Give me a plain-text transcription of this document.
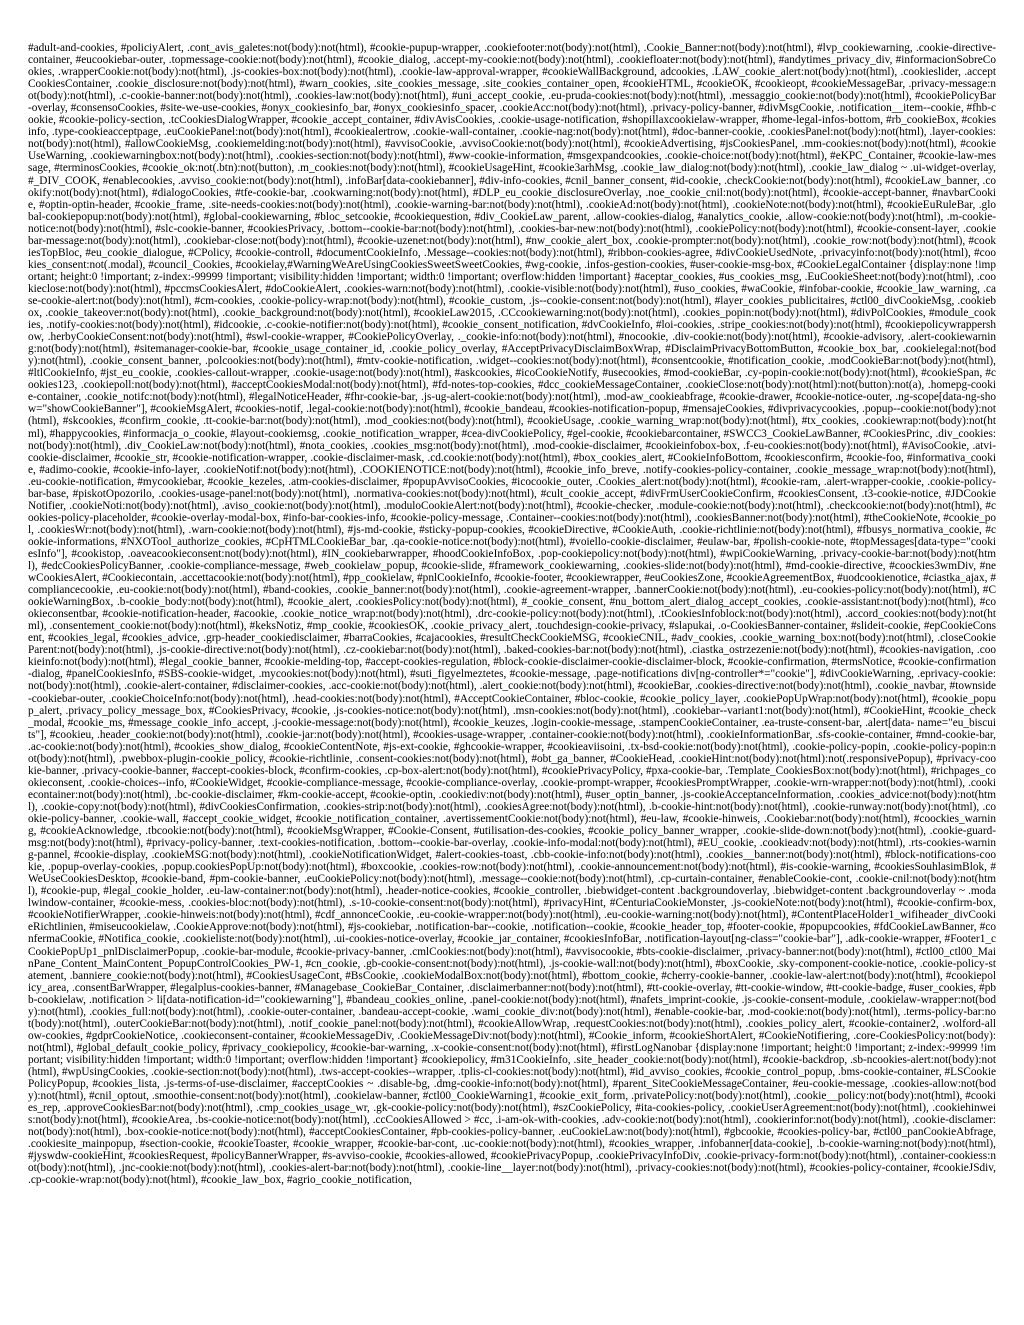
#adult-and-cookies, #policiyAlert, .cont_avis_galetes:not(body):not(html), #cookie-pupup-wrapper, .cookiefooter:not(body):not(html), .Cookie_Banner:not(body):not(html), #lvp_cookiewarning, .cookie-directive-container, #eucookiebar-outer, .topmessage-cookie:not(body):not(html), #cookie_dialog, .accept-my-cookie:not(body):not(html), .cookiefloater:not(body):not(html), #andytimes_privacy_div, #informacionSobreCookies, .wrapperCookie:not(body):not(html), .js-cookies-box:not(body):not(html), .cookie-law-approval-wrapper, #cookieWallBackground, adcookies, .LAW_cookie_alert:not(body):not(html), .cookieslider, .acceptCookiesContainer, .cookie_disclosure:not(body):not(html), #warn_cookies, .site_cookies_message, .site_cookies_container_open, #cookieHTML, #cookieOK, #cookieopt, #cookieMessageBar, .privacy-message:not(body):not(html), .c-cookie-banner:not(body):not(html), .cookies-law:not(body):not(html), #uni_accept_cookie, .eu-pruda-cookies:not(body):not(html), .messaggio_cookie:not(body):not(html), #cookiePolicyBar-overlay, #consensoCookies, #site-we-use-cookies, #onyx_cookiesinfo_bar, #onyx_cookiesinfo_spacer, .cookieAcc:not(body):not(html), .privacy-policy-banner, #divMsgCookie, .notification__item--cookie, #fhb-cookie, #cookie-policy-section, .tcCookiesDialogWrapper, #cookie_accept_container, #divAvisCookies, .cookie-usage-notification, #shopillaxcookielaw-wrapper, #home-legal-infos-bottom, #rb_cookieBox, #cokiesinfo, .type-cookieacceptpage, .euCookiePanel:not(body):not(html), #cookiealertrow, .cookie-wall-container, .cookie-nag:not(body):not(html), #doc-banner-cookie, .cookiesPanel:not(body):not(html), .layer-cookies:not(body):not(html), #allowCookieMsg, .cookiemelding:not(body):not(html), #avvisoCookie, .avvisoCookie:not(body):not(html), #cookieAdvertising, #jsCookiesPanel, .mm-cookies:not(body):not(html), #cookieUseWarning, .cookiewarningbox:not(body):not(html), .cookies-section:not(body):not(html), #ww-cookie-information, #msgexpandcookies, .cookie-choice:not(body):not(html), #eKPC_Container, #cookie-law-message, #terminosCookies, #cookie_ok:not(.btn):not(button), .m_cookies:not(body):not(html), #cookieUsageHint, #cookie3arhMsg, .cookie_law_dialog:not(body):not(html), .cookie_law_dialog ~ .ui-widget-overlay, #_DIV_COOK, #enablecookies, .avviso_cookie:not(body):not(html), .infoBar[data-cookiebanner], #div-info-cookies, #cnil_banner_consent, #id-cookie, .checkCookie:not(body):not(html), #cookieLaw_banner, .cookify:not(body):not(html), #dialogoCookies, #tfe-cookie-bar, .cookwarning:not(body):not(html), #DLP_eu_cookie_disclosureOverlay, .noe_cookie_cnil:not(body):not(html), #cookie-accept-banner, #navbarCookie, #optin-optin-header, #cookie_frame, .site-needs-cookies:not(body):not(html), .cookie-warning-bar:not(body):not(html), .cookieAd:not(body):not(html), .cookieNote:not(body):not(html), #cookieEuRuleBar, .global-cookiepopup:not(body):not(html), #global-cookiewarning, #bloc_setcookie, #cookiequestion, #div_CookieLaw_parent, .allow-cookies-dialog, #analytics_cookie, .allow-cookie:not(body):not(html), .m-cookie-notice:not(body):not(html), #slc-cookie-banner, #cookiesPrivacy, .bottom--cookie-bar:not(body):not(html), .cookies-bar-new:not(body):not(html), .cookiePolicy:not(body):not(html), #cookie-consent-layer, .cookiebar-message:not(body):not(html), .cookiebar-close:not(body):not(html), #cookie-uzenet:not(body):not(html), #nw_cookie_alert_box, .cookie-prompter:not(body):not(html), .cookie_row:not(body):not(html), #cookiesTopBloc, #eu_cookie_dialogue, #CPolicy, #cookie-controll, #documentCookieInfo, .Message--cookies:not(body):not(html), #ribbon-cookies-agree, #divCookieUsedNote, .privacyinfo:not(body):not(html), #cookies_consent:not(.modal), #council_Cookies, #cookielay,#WarningWeAreUsingCookiesSweetSweetCookies, #wg-cookie, .infos-gestion-cookies, #user-cookie-msg-box, #CookieLegalContainer {display:none !important; height:0 !important; z-index:-99999 !important; visibility:hidden !important; width:0 !important; overflow:hidden !important} #aceptar_cookies, #us_cookies_msg, .EuCookieSheet:not(body):not(html), .cookieclose:not(body):not(html), #pccmsCookiesAlert, #doCookieAlert, .cookies-warn:not(body):not(html), .cookie-visible:not(body):not(html), #uso_cookies, #waCookie, #infobar-cookie, #cookie_law_warning, .case-cookie-alert:not(body):not(html), #cm-cookies, .cookie-policy-wrap:not(body):not(html), #cookie_custom, .js--cookie-consent:not(body):not(html), #layer_cookies_publicitaires, #ctl00_divCookieMsg, .cookiebox, .cookie_takeover:not(body):not(html), .cookie_background:not(body):not(html), #cookieLaw2015, .CCcookiewarning:not(body):not(html), .cookies_popin:not(body):not(html), #divPolCookies, #module_cookies, .notify-cookies:not(body):not(html), #idcookie, .c-cookie-notifier:not(body):not(html), #cookie_consent_notification, #dvCookieInfo, #loi-cookies, .stripe_cookies:not(body):not(html), #cookiepolicywrappershow, .herbyCookieConsent:not(body):not(html), #swl-cookie-wrapper, #CookiePolicyOverlay, ._cookie-info:not(body):not(html), #nocookie, .div-cookie:not(body):not(html), #cookie-advisory, .alert-cookiewarning:not(body):not(html), #sitemanager-cookie-bar, #cookie_usage_container_id, .cookie_policy_overlay, #AcceptPrivacyDisclaimBoxWrap, #DisclaimPrivacyBottomButton, #cookie_box_bar, .cookielegal:not(body):not(html), .cookie_consent_banner, .polcookies:not(body):not(html), #mtv-cookie-notification, .widget--cookies:not(body):not(html), #consentcookie, #notification_cookie, .modCookieBar:not(body):not(html), #ltlCookieInfo, #jst_eu_cookie, .cookies-callout-wrapper, .cookie-usage:not(body):not(html), #askcookies, #icoCookieNotify, #usecookies, #mod-cookieBar, .cy-popin-cookie:not(body):not(html), #cookieSpan, #cookies123, .cookiepoll:not(body):not(html), #acceptCookiesModal:not(body):not(html), #fd-notes-top-cookies, #dcc_cookieMessageContainer, .cookieClose:not(body):not(html):not(button):not(a), .homepg-cookie-container, .cookie_notifc:not(body):not(html), #legalNoticeHeader, #fhr-cookie-bar, .js-ug-alert-cookie:not(body):not(html), .mod-aw_cookieabfrage, #cookie-drawer, #cookie-notice-outer, .ng-scope[data-ng-show="showCookieBanner"], #cookieMsgAlert, #cookies-notif, .legal-cookie:not(body):not(html), #cookie_bandeau, #cookies-notification-popup, #mensajeCookies, #divprivacycookies, .popup--cookie:not(body):not(html), #skcookies, #confirm_cookie, .tt-cookie-bar:not(body):not(html), .mod_cookies:not(body):not(html), #cookieUsage, .cookie_warning_wrap:not(body):not(html), #tx_cookies, .cookiewrap:not(body):not(html), #happycookies, #informacja_o_cookie, #layout-cookiemsg, .cookie_notification_wrapper, #cea-divCookiePolicy, #gel-cookie, #cookiebarcontainer, #SWCC3_CookieLawBanner, #CookiesPrinc, .div_cookies:not(body):not(html), .div_CookieLaw:not(body):not(html), #nota_cookies, .cookies_msg:not(body):not(html), .mod-cookie-disclaimer, #cookieinfobox-box, .f-eu-cookies:not(body):not(html), #AvisoCookie, .atvi-cookie-disclaimer, #cookie_str, #cookie-notification-wrapper, .cookie-disclaimer-mask, .cd.cookie:not(body):not(html), #box_cookies_alert, #CookieInfoBottom, #cookiesconfirm, #cookie-foo, #informativa_cookie, #adimo-cookie, #cookie-info-layer, .cookieNotif:not(body):not(html), .COOKIENOTICE:not(body):not(html), #cookie_info_breve, .notify-cookies-policy-container, .cookie_message_wrap:not(body):not(html), .eu-cookie-notification, #mycookiebar, #cookie_kezeles, .atm-cookies-disclaimer, #popupAvvisoCookies, #icocookie_outer, .Cookies_alert:not(body):not(html), #cookie-ram, .alert-wrapper-cookie, .cookie-policy-bar-base, #piskotOpozorilo, .cookies-usage-panel:not(body):not(html), .normativa-cookies:not(body):not(html), #cult_cookie_accept, #divFrmUserCookieConfirm, #cookiesConsent, .t3-cookie-notice, #JDCookieNotifier, .cookieNoti:not(body):not(html), .aviso_cookie:not(body):not(html), .moduloCookieAlert:not(body):not(html), #cookie-checker, .module-cookie:not(body):not(html), .checkcookie:not(body):not(html), #cookies-policy-placeholder, #cookie-overlay-modal-box, #info-bar-cookies-info, #cookie-policy-message, .Container--cookies:not(body):not(html), .cookiesBanner:not(body):not(html), #theCookieNote, #cookie_pol, .cookiesWr:not(body):not(html), .warn-cookie:not(body):not(html), #js-md-cookie, #sticky-popup-cookies, #cookieDirective, #CookieAuth, .cookie-richtlinie:not(body):not(html), #fbusys_normativa_cookie, #cookie-informations, #NXOTool_authorize_cookies, #CpHTMLCookieBar_bar, .qa-cookie-notice:not(body):not(html), #voiello-cookie-disclaimer, #eulaw-bar, #polish-cookie-note, #topMessages[data-type="cookiesInfo"], #cookistop, .oaveacookieconsent:not(body):not(html), #IN_cookiebarwrapper, #hoodCookieInfoBox, .pop-cookiepolicy:not(body):not(html), #wpiCookieWarning, .privacy-cookie-bar:not(body):not(html), #edcCookiesPolicyBanner, .cookie-compliance-message, #web_cookielaw_popup, #cookie-slide, #framework_cookiewarning, .cookies-slide:not(body):not(html), #md-cookie-directive, #coockies3wmDiv, #newCookiesAlert, #Cookiecontain, .accettacookie:not(body):not(html), #pp_cookielaw, #pnlCookieInfo, #cookie-footer, #cookiewrapper, #euCookiesZone, #cookieAgreementBox, #uodcookienotice, #ciastka_ajax, #compliancecookie, .eu-cookie:not(body):not(html), #band-cookies, .cookie_banner:not(body):not(html), .cookie-agreement-wrapper, .bannerCookie:not(body):not(html), .eu-cookies-policy:not(body):not(html), #CookieWarningBox, .b-cookie_body:not(body):not(html), #cookie_alert, .cookiesPolicy:not(body):not(html), #_cookie_consent, #nu_bottom_alert_dialog_accept_cookies, .cookie-assistant:not(body):not(html), #cookieconsentbar, #cookie-notification-header, #acookie, .cookie_notice_wrap:not(body):not(html), .drc-cookie-policy:not(body):not(html), .tCookiesInfoblock:not(body):not(html), .accord_cookies:not(body):not(html), .consentement_cookie:not(body):not(html), #keksNotiz, #mp_cookie, #cookiesOK, .cookie_privacy_alert, .touchdesign-cookie-privacy, #slapukai, .o-CookiesBanner-container, #slideit-cookie, #epCookieConsent, #cookies_legal, #cookies_advice, .grp-header_cookiedisclaimer, #barraCookies, #cajacookies, #resultCheckCookieMSG, #cookieCNIL, #adv_cookies, .cookie_warning_box:not(body):not(html), .closeCookieParent:not(body):not(html), .js-cookie-directive:not(body):not(html), .cz-cookiebar:not(body):not(html), .baked-cookies-bar:not(body):not(html), .ciastka_ostrzezenie:not(body):not(html), #cookies-navigation, .cookieinfo:not(body):not(html), #legal_cookie_banner, #cookie-melding-top, #accept-cookies-regulation, #block-cookie-disclaimer-cookie-disclaimer-block, #cookie-confirmation, #termsNotice, #cookie-confirmation-dialog, #panelCookiesInfo, #SBS-cookie-widget, .mycookies:not(body):not(html), #suti_figyelmeztetes, #cookie-message, .page-notifications div[ng-controller*="cookie"], #divCookieWarning, .eprivacy-cookie:not(body):not(html), .cookie-alert-container, #disclaimer-cookies, .acc-cookie:not(body):not(html), .alert_cookie:not(body):not(html), #cookieBar, .cookies-directive:not(body):not(html), .cookie_navbar, #townside-cookiebar-outer, .cookieChoiceInfo:not(body):not(html), .head-cookies:not(body):not(html), #AcceptCookieContainer, #bloc-cookie, #cookie_policy_layer, .cookiePopUpWrap:not(body):not(html), #cookie_popup_alert, .privacy_policy_message_box, #CookiesPrivacy, #cookie, .js-cookies-notice:not(body):not(html), .msn-cookies:not(body):not(html), .cookiebar--variant1:not(body):not(html), #CookieHint, #cookie_check_modal, #cookie_ms, #message_cookie_info_accept, .j-cookie-message:not(body):not(html), #cookie_keuzes, .login-cookie-message, .stampenCookieContainer, .ea-truste-consent-bar, .alert[data- name="eu_biscuits"], #cookieu, .header_cookie:not(body):not(html), .cookie-jar:not(body):not(html), #cookies-usage-wrapper, .container-cookie:not(body):not(html), .cookieInformationBar, .sfs-cookie-container, #mnd-cookie-bar, .ac-cookie:not(body):not(html), #cookies_show_dialog, #cookieContentNote, #js-ext-cookie, #ghcookie-wrapper, #cookieaviisoini, .tx-bsd-cookie:not(body):not(html), .cookie-policy-popin, .cookie-policy-popin:not(body):not(html), .pwebbox-plugin-cookie_policy, #cookie-richtlinie, .consent-cookies:not(body):not(html), #obt_ga_banner, #CookieHead, .cookieHint:not(body):not(html):not(.responsivePopup), #privacy-cookie-banner, .privacy-cookie-banner, #accept-cookies-block, #confirm-cookies, .cp-box-alert:not(body):not(html), #cookiePrivacyPolicy, #pxa-cookie-bar, .Template_CookiesBox:not(body):not(html), #richpages_cookieconsent, .cookie-choices--info, #CookieWidget, #cookie-compliance-message, #cookie-compliance-overlay, .cookie-prompt-wrapper, #cookiesPromptWrapper, .cookie-wrn-wrapper:not(body):not(html), .cookiecontainer:not(body):not(html), .bc-cookie-disclaimer, #km-cookie-accept, #cookie-optin, .cookiediv:not(body):not(html), #user_optin_banner, .js-cookieAcceptanceInformation, .cookies_advice:not(body):not(html), .cookie-copy:not(body):not(html), #divCookiesConfirmation, .cookies-strip:not(body):not(html), .cookiesAgree:not(body):not(html), .b-cookie-hint:not(body):not(html), .cookie-runway:not(body):not(html), .cookie-policy-banner, .cookie-wall, #accept_cookie_widget, #cookie_notification_container, .avertissementCookie:not(body):not(html), #eu-law, #cookie-hinweis, .Cookiebar:not(body):not(html), #coockies_warning, #cookieAcknowledge, .tbcookie:not(body):not(html), #cookieMsgWrapper, #Cookie-Consent, #utilisation-des-cookies, #cookie_policy_banner_wrapper, .cookie-slide-down:not(body):not(html), .cookie-guard-msg:not(body):not(html), #privacy-policy-banner, .text-cookies-notification, .bottom--cookie-bar-overlay, .cookie-info-modal:not(body):not(html), #EU_cookie, .cookieadv:not(body):not(html), .rts-cookies-warning-pannel, #cookie-display, .cookieMSG:not(body):not(html), .cookieNotificationWidget, #alert-cookies-toast, .cbb-cookie-info:not(body):not(html), .cookies__banner:not(body):not(html), #block-notifications-cookie, .popup-overlay-cookies, .popup.cookiesPopUp:not(body):not(html), #boxcookie, .cookies-row:not(body):not(html), .cookie-announcement:not(body):not(html), #is-cookie-warning, #cookiesSouhlasimBlok, #WeUseCookiesDesktop, #cookie-band, #pm-cookie-banner, .euCookiePolicy:not(body):not(html), .message--cookie:not(body):not(html), .cp-curtain-container, #enableCookie-cont, .cookie-cnil:not(body):not(html), #cookie-pup, #legal_cookie_holder, .eu-law-container:not(body):not(html), .header-notice-cookies, #cookie_controller, .biebwidget-content .backgroundoverlay, .biebwidget-content .backgroundoverlay ~ .modalwindow-container, #cookie-mess, .cookies-bloc:not(body):not(html), .s-10-cookie-consent:not(body):not(html), #privacyHint, #CenturiaCookieMonster, .js-cookieNote:not(body):not(html), #cookie-confirm-box, #cookieNotifierWrapper, .cookie-hinweis:not(body):not(html), #cdf_annonceCookie, .eu-cookie-wrapper:not(body):not(html), .eu-cookie-warning:not(body):not(html), #ContentPlaceHolder1_wifiheader_divCookieRichtlinien, #miseucookielaw, .CookieApprove:not(body):not(html), #js-cookiebar, .notification-bar--cookie, .notification--cookie, #cookie_header_top, #footer-cookie, #popupcookies, #fdCookieLawBanner, #confermaCookie, #Notifica_cookie, .cookieliste:not(body):not(html), .ui-cookies-notice-overlay, #cookie_jar_container, #cookiesInfoBar, .notification-layout[ng-class="cookie-bar"], .adk-cookie-wrapper, #Footer1_cCookiePopUp1_pnlDisclaimerPopup, .cookie-bar-module, #cookie-privacy-banner, .cmlCookies:not(body):not(html), #avvisocookie, #bts-cookie-disclaimer, .privacy-banner:not(body):not(html), #ctl00_ctl00_MainPane_Content_MainContent_PopupControlCookies_PW-1, #cn_cookie, .gb-cookie-consent:not(body):not(html), .js-cookie-wall:not(body):not(html), #boxCookie, .sky-component-cookie-notice, .cookie-policy-statement, .banniere_cookie:not(body):not(html), #CookiesUsageCont, #BsCookie, .cookieModalBox:not(body):not(html), #bottom_cookie, #cherry-cookie-banner, .cookie-law-alert:not(body):not(html), #cookiepolicy_area, .consentBarWrapper, #legalplus-cookies-banner, #Managebase_CookieBar_Container, .disclaimerbanner:not(body):not(html), #tt-cookie-overlay, #tt-cookie-window, #tt-cookie-badge, #user_cookies, #pbb-cookielaw, .notification > li[data-notification-id="cookiewarning"], #bandeau_cookies_online, .panel-cookie:not(body):not(html), #nafets_imprint-cookie, .js-cookie-consent-module, .cookielaw-wrapper:not(body):not(html), .cookies_full:not(body):not(html), .cookie-outer-container, .bandeau-accept-cookie, .wami_cookie_div:not(body):not(html), #enable-cookie-bar, .mod-cookie:not(body):not(html), .terms-policy-bar:not(body):not(html), .outerCookieBar:not(body):not(html), .notif_cookie_panel:not(body):not(html), #cookieAllowWrap, .requestCookies:not(body):not(html), .cookies_policy_alert, #cookie-container2, .wolford-allow-cookies, #gdprCookieNotice, .cookieconsent-container, #cookieMessageDiv, .CookieMessageDiv:not(body):not(html), #Cookie_inform, #cookieShortAlert, #CookieNotifiering, .core-CookiesPolicy:not(body):not(html), #global_default_cookie_policy, #privacy_cookiepolicy, #cookie-bar-warning, .x-cookie-consent:not(body):not(html), #firstLogNanobar {display:none !important; height:0 !important; z-index:-99999 !important; visibility:hidden !important; width:0 !important; overflow:hidden !important} #cookiepolicy, #m31CookieInfo, .site_header_cookie:not(body):not(html), #cookie-backdrop, .sb-ncookies-alert:not(body):not(html), #wpUsingCookies, .cookie-section:not(body):not(html), .tws-accept-cookies--wrapper, .tplis-cl-cookies:not(body):not(html), #id_avviso_cookies, #cookie_control_popup, .bms-cookie-container, #LSCookiePolicyPopup, #cookies_lista, .js-terms-of-use-disclaimer, #acceptCookies ~ .disable-bg, .dmg-cookie-info:not(body):not(html), #parent_SiteCookieMessageContainer, #eu-cookie-message, .cookies-allow:not(body):not(html), #cnil_optout, .smoothie-consent:not(body):not(html), .cookielaw-banner, #ctl00_CookieWarning1, #cookie_exit_form, .privatePolicy:not(body):not(html), .cookie__policy:not(body):not(html), #cookies_rep, .approveCookiesBar:not(body):not(html), .cmp_cookies_usage_wr, .gk-cookie-policy:not(body):not(html), #szCookiePolicy, #ita-cookies-policy, .cookieUserAgreement:not(body):not(html), .cookiehinweis:not(body):not(html), #cookieArea, .bs-cookie-notice:not(body):not(html), .ccCookiesAllowed > #cc, .i-am-ok-with-cookies, .adv-cookie:not(body):not(html), .cookierinfor:not(body):not(html), .cookie-disclamer:not(body):not(html), .box-cookie-notice:not(body):not(html), #acceptCookiesContainer, #pb-cookies-policy-banner, .euCookieLaw:not(body):not(html), #gbcookie, #cookies-policy-bar, #ctl00_panCookieAbfrage, .cookiesite_mainpopup, #section-cookie, #cookieToaster, #cookie_wrapper, #cookie-bar-cont, .uc-cookie:not(body):not(html), #cookies_wrapper, .infobanner[data-cookie], .b-cookie-warning:not(body):not(html), #jyswdw-cookieHint, #cookiesRequest, #policyBannerWrapper, #s-avviso-cookie, #cookies-allowed, #cookiePrivacyPopup, .cookiePrivacyInfoDiv, .cookie-privacy-form:not(body):not(html), .container-cookiess:not(body):not(html), .jnc-cookie:not(body):not(html), .cookies-alert-bar:not(body):not(html), .cookie-line__layer:not(body):not(html), .privacy-cookies:not(body):not(html), #cookies-policy-container, #cookieJSdiv, .cp-cookie-wrap:not(body):not(html), #cookie_law_box, #agrio_cookie_notification,
